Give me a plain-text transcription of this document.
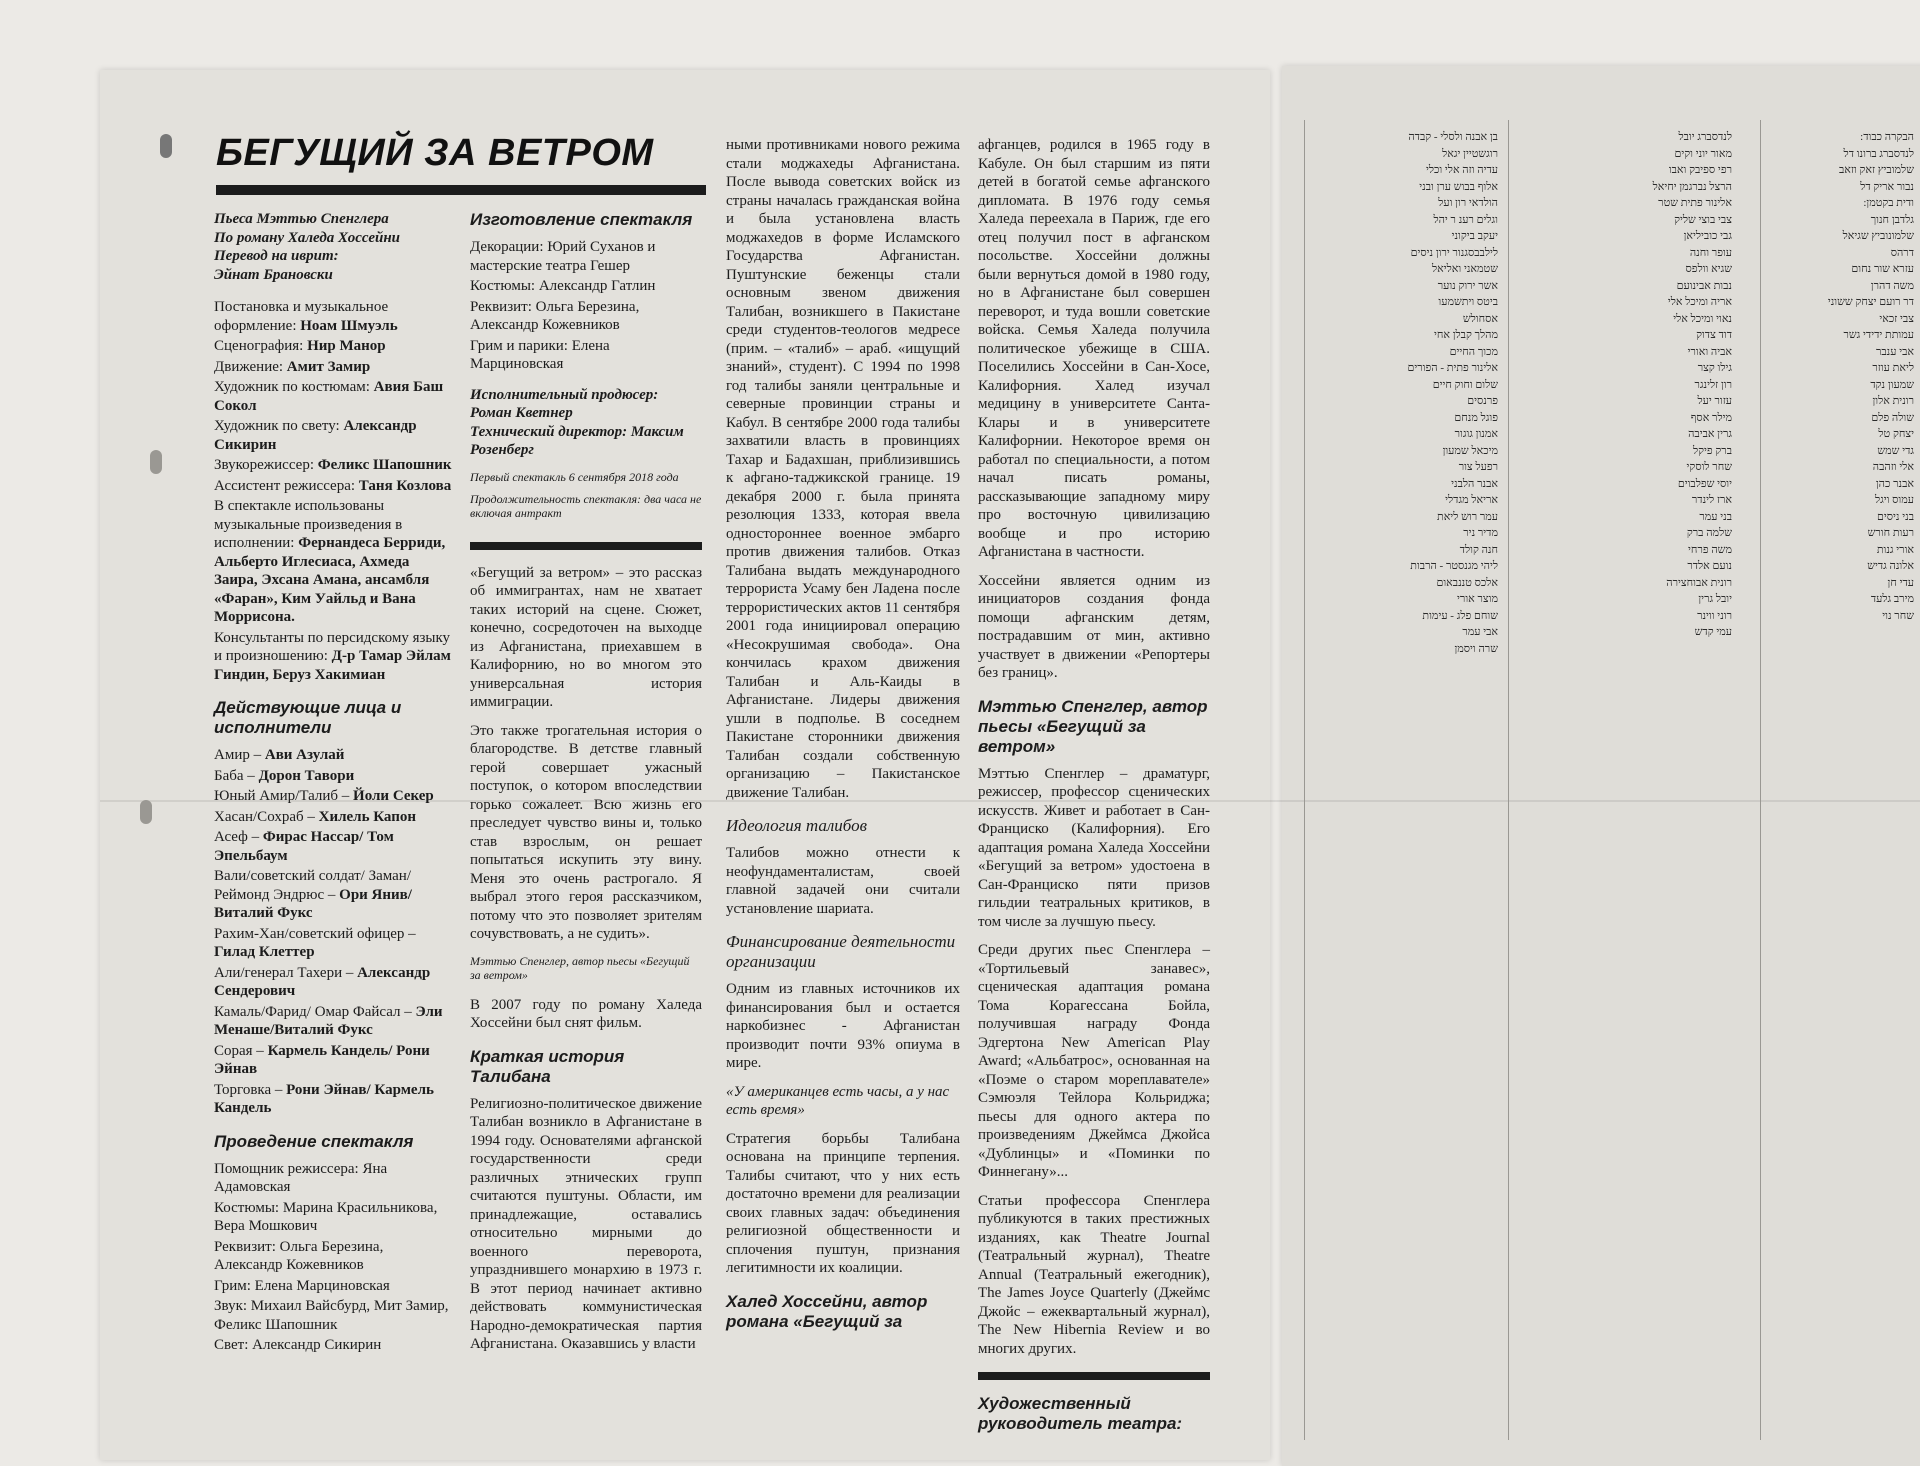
БЕГУЩИЙ ЗА ВЕТРОМ
Пьеса Мэттью Спенглера
По роману Халеда Хоссейни
Перевод на иврит:
Эйнат Брановски
Постановка и музыкальное оформление: Ноам Шмуэль
Сценография: Нир Манор
Движение: Амит Замир
Художник по костюмам: Авия Баш Сокол
Художник по свету: Александр Сикирин
Звукорежиссер: Феликс Шапошник
Ассистент режиссера: Таня Козлова
В спектакле использованы музыкальные произведения в исполнении: Фернандеса Берриди, Альберто Иглесиаса, Ахмеда Заира, Эхсана Амана, ансамбля «Фаран», Ким Уайльд и Вана Моррисона.
Консультанты по персидскому языку и произношению: Д-р Тамар Эйлам Гиндин, Беруз Хакимиан
Действующие лица и исполнители
Амир – Ави Азулай
Баба – Дорон Тавори
Юный Амир/Талиб – Йоли Секер
Хасан/Сохраб – Хилель Капон
Асеф – Фирас Нассар/ Том Эпельбаум
Вали/советский солдат/ Заман/Реймонд Эндрюс – Ори Янив/Виталий Фукс
Рахим-Хан/советский офицер – Гилад Клеттер
Али/генерал Тахери – Александр Сендерович
Камаль/Фарид/ Омар Файсал – Эли Менаше/Виталий Фукс
Сорая – Кармель Кандель/ Рони Эйнав
Торговка – Рони Эйнав/ Кармель Кандель
Проведение спектакля
Помощник режиссера: Яна Адамовская
Костюмы: Марина Красильникова, Вера Мошкович
Реквизит: Ольга Березина, Александр Кожевников
Грим: Елена Марциновская
Звук: Михаил Вайсбурд, Мит Замир, Феликс Шапошник
Свет: Александр Сикирин
Изготовление спектакля
Декорации: Юрий Суханов и мастерские театра Гешер
Костюмы: Александр Гатлин
Реквизит: Ольга Березина, Александр Кожевников
Грим и парики: Елена Марциновская
Исполнительный продюсер: Роман Кветнер
Технический директор: Максим Розенберг
Первый спектакль 6 сентября 2018 года
Продолжительность спектакля: два часа не включая антракт

«Бегущий за ветром» – это рассказ об иммигрантах, нам не хватает таких историй на сцене. Сюжет, конечно, сосредоточен на выходце из Афганистана, приехавшем в Калифорнию, но во многом это универсальная история иммиграции.

Это также трогательная история о благородстве. В детстве главный герой совершает ужасный поступок, о котором впоследствии горько сожалеет. Всю жизнь его преследует чувство вины и, только став взрослым, он решает попытаться искупить эту вину. Меня это очень растрогало. Я выбрал этого героя рассказчиком, потому что это позволяет зрителям сочувствовать, а не судить».

Мэттью Спенглер, автор пьесы «Бегущий за ветром»

В 2007 году по роману Халеда Хоссейни был снят фильм.

Краткая история Талибана

Религиозно-политическое движение Талибан возникло в Афганистане в 1994 году. Основателями афганской государственности среди различных этнических групп считаются пуштуны. Области, им принадлежащие, оставались относительно мирными до военного переворота, упразднившего монархию в 1973 г. В этот период начинает активно действовать коммунистическая Народно-демократическая партия Афганистана. Оказавшись у власти

ными противниками нового режима стали моджахеды Афганистана. После вывода советских войск из страны началась гражданская война и была установлена власть моджахедов в форме Исламского Государства Афганистан. Пуштунские беженцы стали основным звеном движения Талибан, возникшего в Пакистане среди студентов-теологов медресе (прим. – «талиб» – араб. «ищущий знаний», студент). С 1994 по 1998 год талибы заняли центральные и северные провинции страны и Кабул. В сентябре 2000 года талибы захватили власть в провинциях Тахар и Бадахшан, приблизившись к афгано-таджикской границе. 19 декабря 2000 г. была принята резолюция 1333, которая ввела одностороннее военное эмбарго против движения талибов. Отказ Талибана выдать международного террориста Усаму бен Ладена после террористических актов 11 сентября 2001 года инициировал операцию «Несокрушимая свобода». Она кончилась крахом движения Талибан и Аль-Каиды в Афганистане. Лидеры движения ушли в подполье. В соседнем Пакистане сторонники движения Талибан создали собственную организацию – Пакистанское движение Талибан.

Идеология талибов

Талибов можно отнести к неофундаменталистам, своей главной задачей они считали установление шариата.

Финансирование деятельности организации

Одним из главных источников их финансирования был и остается наркобизнес - Афганистан производит почти 93% опиума в мире.

«У американцев есть часы, а у нас есть время»

Стратегия борьбы Талибана основана на принципе терпения. Талибы считают, что у них есть достаточно времени для реализации своих главных задач: объединения религиозной общественности и сплочения пуштун, признания легитимности их коалиции.

Халед Хоссейни, автор романа «Бегущий за

афганцев, родился в 1965 году в Кабуле. Он был старшим из пяти детей в богатой семье афганского дипломата. В 1976 году семья Халеда переехала в Париж, где его отец получил пост в афганском посольстве. Хоссейни должны были вернуться домой в 1980 году, но в Афганистане был совершен переворот, и туда вошли советские войска. Семья Халеда получила политическое убежище в США. Поселились Хоссейни в Сан-Хосе, Калифорния. Халед изучал медицину в университете Санта-Клары и в университете Калифорнии. Некоторое время он работал по специальности, а потом начал писать романы, рассказывающие западному миру про восточную цивилизацию вообще и про историю Афганистана в частности.

Хоссейни является одним из инициаторов создания фонда помощи афганским детям, пострадавшим от мин, активно участвует в движении «Репортеры без границ».

Мэттью Спенглер, автор пьесы «Бегущий за ветром»

Мэттью Спенглер – драматург, режиссер, профессор сценических искусств. Живет и работает в Сан-Франциско (Калифорния). Его адаптация романа Халеда Хоссейни «Бегущий за ветром» удостоена в Сан-Франциско пяти призов гильдии театральных критиков, в том числе за лучшую пьесу.

Среди других пьес Спенглера – «Тортильевый занавес», сценическая адаптация романа Тома Корагессана Бойла, получившая награду Фонда Эдгертона New American Play Award; «Альбатрос», основанная на «Поэме о старом мореплавателе» Сэмюэля Тейлора Кольриджа; пьесы для одного актера по произведениям Джеймса Джойса «Дублинцы» и «Поминки по Финнегану»...

Статьи профессора Спенглера публикуются в таких престижных изданиях, как Theatre Journal (Театральный журнал), Theatre Annual (Театральный ежегодник), The James Joyce Quarterly (Джеймс Джойс – ежеквартальный журнал), The New Hibernia Review и во многих других.

Художественный руководитель театра:
בן אבנה ולסלי - קבדה
רוגשטיין יגאל
עדיה וזה אלי וכלי
אלוף בבוש ערן ובני
הולדאי רון ועל
וגלים רענ ר יהל
יעקב ביקוני
לילבבסגנור ירון ניסים
שטמאני ואליאל
אשר ירוק נוער
ביטס ויתשמעו
אסחולש
מהלך קבלן אחי
מכוך החיים
אלינור פתית - הפורים
שלום וחוק חיים
פרנסים
פוגל מנחם
אמנון גוגור
מיכאל שמעון
רפעל צור
אבנר הלבני
אריאל מגדלי
עמר רוש ליאת
מדיר ניר
חנה קולד
ליהי מגנסטר - הרבות
אלכס טננבאום
מוצר אורי
שוחם פלג - עימות
אבי עמר
שרה ויסמן
לנדסברג יובל
מאור יוני וקים
רפי ספיבק ואבו
הרצל נברגמן יחיאל
אלינור פתית שטר
צבי בוצי שליק
גבי כוביליאן
עופר וחנה
שגיא וולפס
נבות אבינועם
אריה ומיכל אלי
נאוי ומיכל אלי
דוד צדוק
אביה ואורי
גילו קצר
רון זלינגר
עזור יעל
מילר אסף
גרין אביבה
ברק פיקל
שחר לוסקי
יוסי שפלבוים
ארז לינדר
בני עמר
שלמה ברק
משה פרחי
נועם אלדר
רונית אבוחצירה
יובל גרין
רוני ווינר
עמי קדש
הבקרה כבוד:
לנדסברג ברונו דל
שלמוביץ זאק וזאב
נבור אריק דל
ודית בקטמן:
גלדבן חנוך
שלמונוביץ שגיאל
דרהס
עזרא שור נחום
משה דהרן
דר רועם יצחק ששוני
צבי זכאי
עמותת ידידי גשר
אבי ענבר
ליאת עוזר
שמעון נקד
רונית אלון
שולה פלם
יצחק טל
גדי שמש
אלי וזהבה
אבנר כהן
עמוס ויגל
בני ניסים
רעות חורש
אורי גנות
אלונה גדיש
עדי חן
מירב גלעד
שחר נוי
